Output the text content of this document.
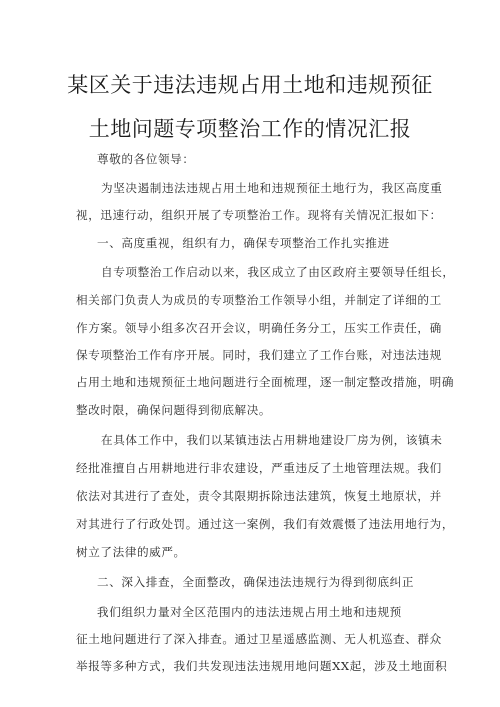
某区关于违法违规占用土地和违规预征
土地问题专项整治工作的情况汇报
尊敬的各位领导：
为坚决遏制违法违规占用土地和违规预征土地行为，我区高度重
视，迅速行动，组织开展了专项整治工作。现将有关情况汇报如下：
一、高度重视，组织有力，确保专项整治工作扎实推进
自专项整治工作启动以来，我区成立了由区政府主要领导任组长，
相关部门负责人为成员的专项整治工作领导小组，并制定了详细的工
作方案。领导小组多次召开会议，明确任务分工，压实工作责任，确
保专项整治工作有序开展。同时，我们建立了工作台账，对违法违规
占用土地和违规预征土地问题进行全面梳理，逐一制定整改措施，明确
整改时限，确保问题得到彻底解决。
在具体工作中，我们以某镇违法占用耕地建设厂房为例，该镇未
经批准擅自占用耕地进行非农建设，严重违反了土地管理法规。我们
依法对其进行了查处，责令其限期拆除违法建筑，恢复土地原状，并
对其进行了行政处罚。通过这一案例，我们有效震慑了违法用地行为，
树立了法律的威严。
二、深入排查，全面整改，确保违法违规行为得到彻底纠正
我们组织力量对全区范围内的违法违规占用土地和违规预
征土地问题进行了深入排查。通过卫星遥感监测、无人机巡查、群众
举报等多种方式，我们共发现违法违规用地问题XX起，涉及土地面积
